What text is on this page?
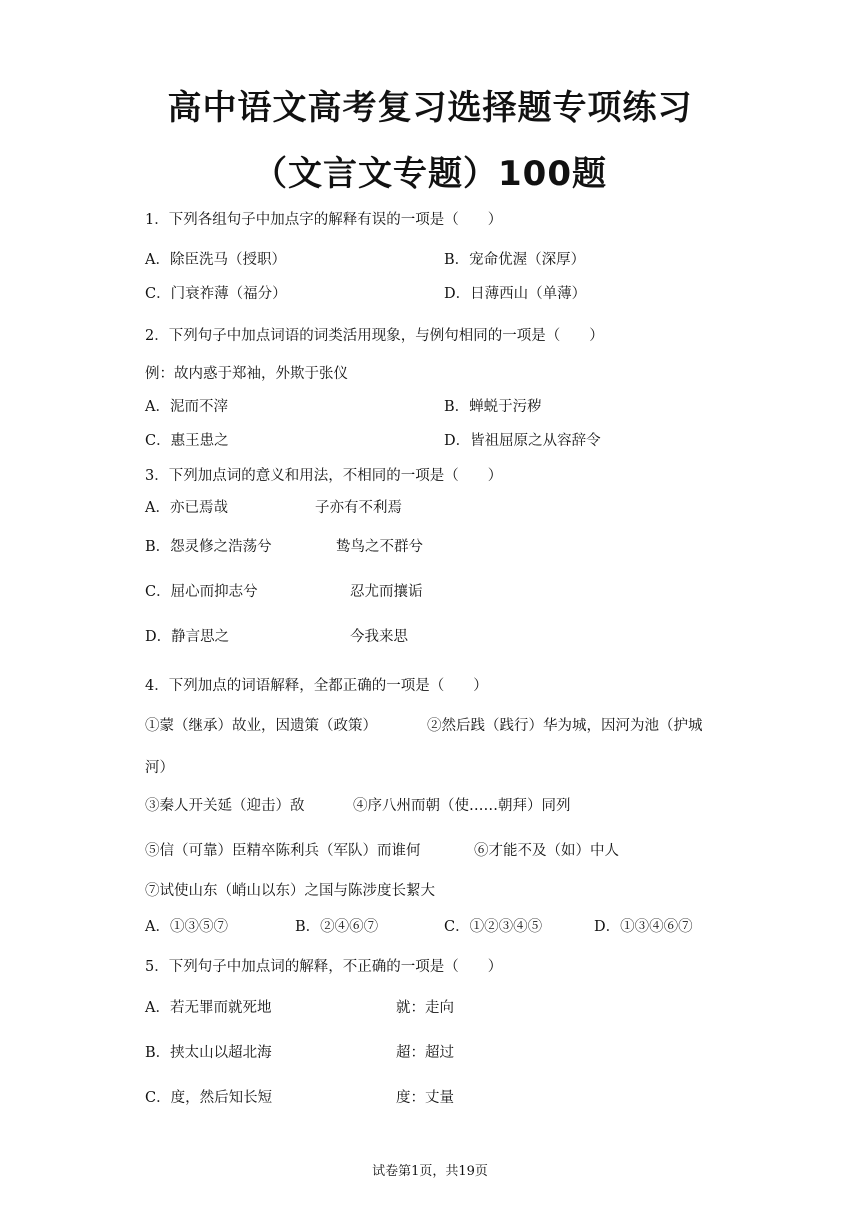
高中语文高考复习选择题专项练习
（文言文专题）100题
1．下列各组句子中加点字的解释有误的一项是（　　）
A．除臣洗马（授职）	B．宠命优渥（深厚）
C．门衰祚薄（福分）	D．日薄西山（单薄）
2．下列句子中加点词语的词类活用现象，与例句相同的一项是（　　）
例：故内惑于郑袖，外欺于张仪
A．泥而不滓	B．蝉蜕于污秽
C．惠王患之	D．皆祖屈原之从容辞令
3．下列加点词的意义和用法，不相同的一项是（　　）
A．亦已焉哉	子亦有不利焉
B．怨灵修之浩荡兮	鸷鸟之不群兮
C．屈心而抑志兮	忍尤而攘诟
D．静言思之	今我来思
4．下列加点的词语解释，全都正确的一项是（　　）
①蒙（继承）故业，因遗策（政策）	②然后践（践行）华为城，因河为池（护城
河）
③秦人开关延（迎击）敌	④序八州而朝（使……朝拜）同列
⑤信（可靠）臣精卒陈利兵（军队）而谁何	⑥才能不及（如）中人
⑦试使山东（峭山以东）之国与陈涉度长絜大
A．①③⑤⑦	B．②④⑥⑦	C．①②③④⑤	D．①③④⑥⑦
5．下列句子中加点词的解释，不正确的一项是（　　）
A．若无罪而就死地	就：走向
B．挟太山以超北海	超：超过
C．度，然后知长短	度：丈量
试卷第1页，共19页
